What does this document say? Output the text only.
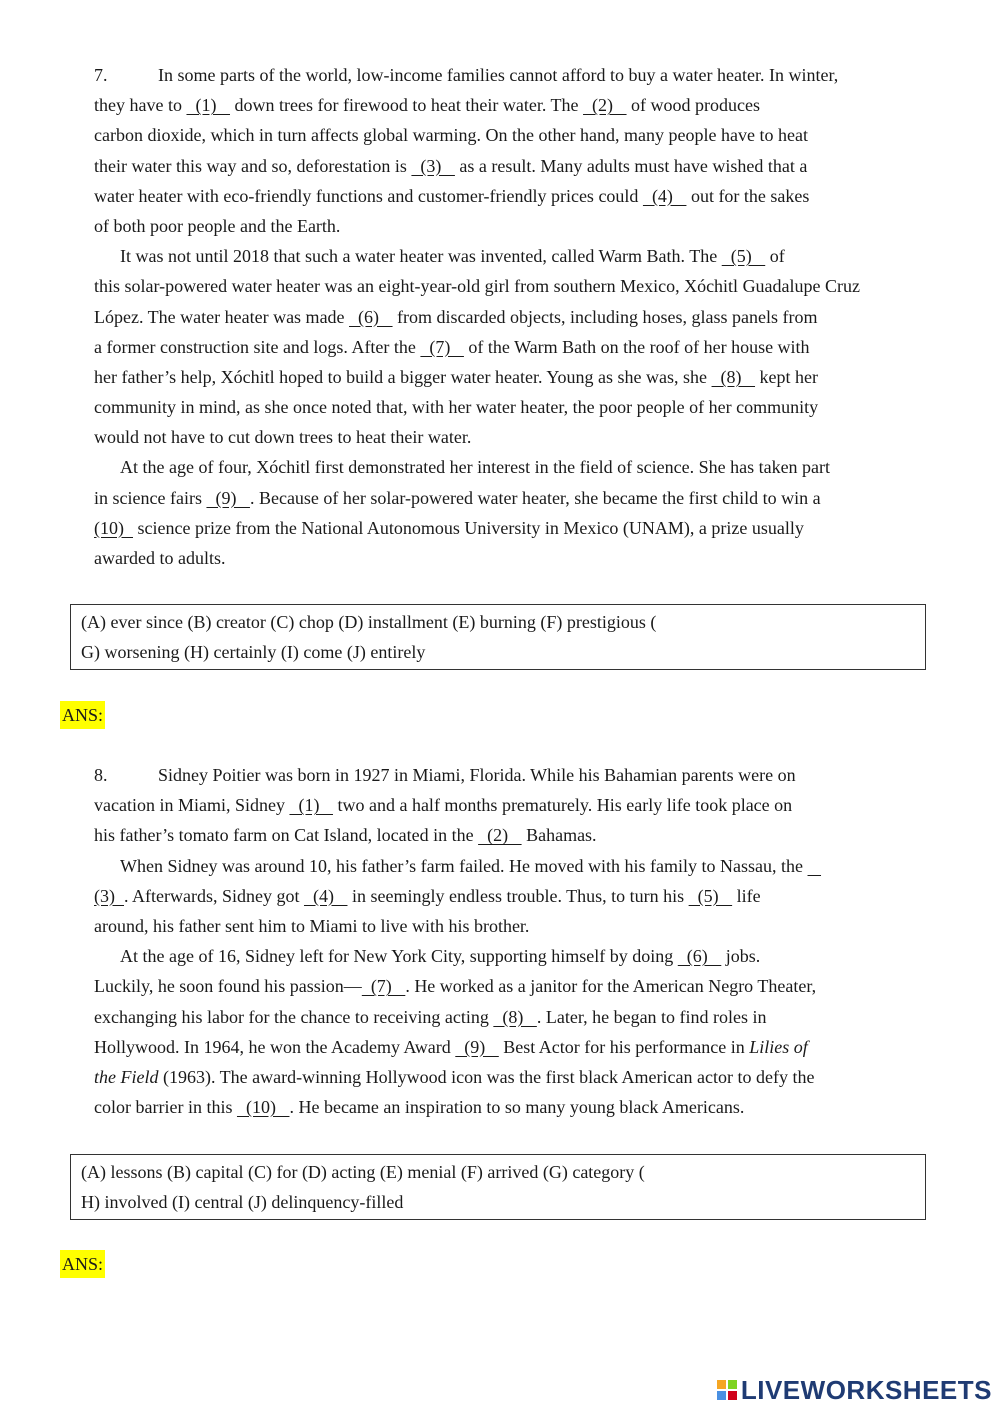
7.	In some parts of the world, low-income families cannot afford to buy a water heater. In winter,
they have to   (1)    down trees for firewood to heat their water. The   (2)    of wood produces
carbon dioxide, which in turn affects global warming. On the other hand, many people have to heat
their water this way and so, deforestation is   (3)    as a result. Many adults must have wished that a
water heater with eco-friendly functions and customer-friendly prices could   (4)    out for the sakes
of both poor people and the Earth.
It was not until 2018 that such a water heater was invented, called Warm Bath. The   (5)    of
this solar-powered water heater was an eight-year-old girl from southern Mexico, Xóchitl Guadalupe Cruz
López. The water heater was made   (6)    from discarded objects, including hoses, glass panels from
a former construction site and logs. After the   (7)    of the Warm Bath on the roof of her house with
her father’s help, Xóchitl hoped to build a bigger water heater. Young as she was, she   (8)    kept her
community in mind, as she once noted that, with her water heater, the poor people of her community
would not have to cut down trees to heat their water.
At the age of four, Xóchitl first demonstrated her interest in the field of science. She has taken part
in science fairs   (9)   . Because of her solar-powered water heater, she became the first child to win a
(10)   science prize from the National Autonomous University in Mexico (UNAM), a prize usually
awarded to adults.
(A) ever since (B) creator (C) chop (D) installment (E) burning (F) prestigious (
G) worsening (H) certainly (I) come (J) entirely
ANS:
8.	Sidney Poitier was born in 1927 in Miami, Florida. While his Bahamian parents were on
vacation in Miami, Sidney   (1)    two and a half months prematurely. His early life took place on
his father’s tomato farm on Cat Island, located in the   (2)    Bahamas.
When Sidney was around 10, his father’s farm failed. He moved with his family to Nassau, the
(3)  . Afterwards, Sidney got   (4)    in seemingly endless trouble. Thus, to turn his   (5)    life
around, his father sent him to Miami to live with his brother.
At the age of 16, Sidney left for New York City, supporting himself by doing   (6)    jobs.
Luckily, he soon found his passion—  (7)   . He worked as a janitor for the American Negro Theater,
exchanging his labor for the chance to receiving acting   (8)   . Later, he began to find roles in
Hollywood. In 1964, he won the Academy Award   (9)    Best Actor for his performance in Lilies of
the Field (1963). The award-winning Hollywood icon was the first black American actor to defy the
color barrier in this   (10)   . He became an inspiration to so many young black Americans.
(A) lessons (B) capital (C) for (D) acting (E) menial (F) arrived (G) category (
H) involved (I) central (J) delinquency-filled
ANS:
LIVEWORKSHEETS
